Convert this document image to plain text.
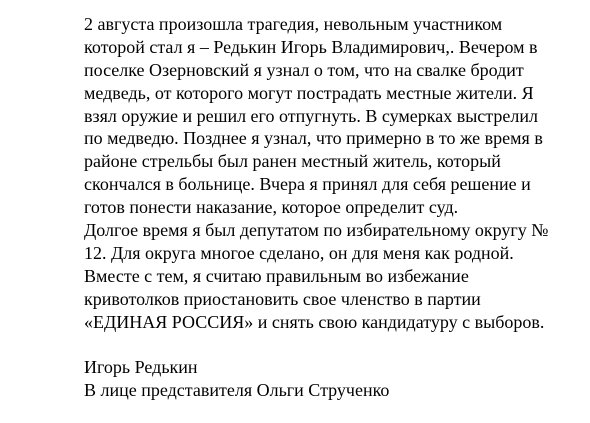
2 августа произошла трагедия, невольным участником
которой стал я – Редькин Игорь Владимирович,. Вечером в
поселке Озерновский я узнал о том, что на свалке бродит
медведь, от которого могут пострадать местные жители. Я
взял оружие и решил его отпугнуть. В сумерках выстрелил
по медведю. Позднее я узнал, что примерно в то же время в
районе стрельбы был ранен местный житель, который
скончался в больнице. Вчера я принял для себя решение и
готов понести наказание, которое определит суд.
Долгое время я был депутатом по избирательному округу №
12. Для округа многое сделано, он для меня как родной.
Вместе с тем, я считаю правильным во избежание
кривотолков приостановить свое членство в партии
«ЕДИНАЯ РОССИЯ» и снять свою кандидатуру с выборов.
Игорь Редькин
В лице представителя Ольги Струченко
